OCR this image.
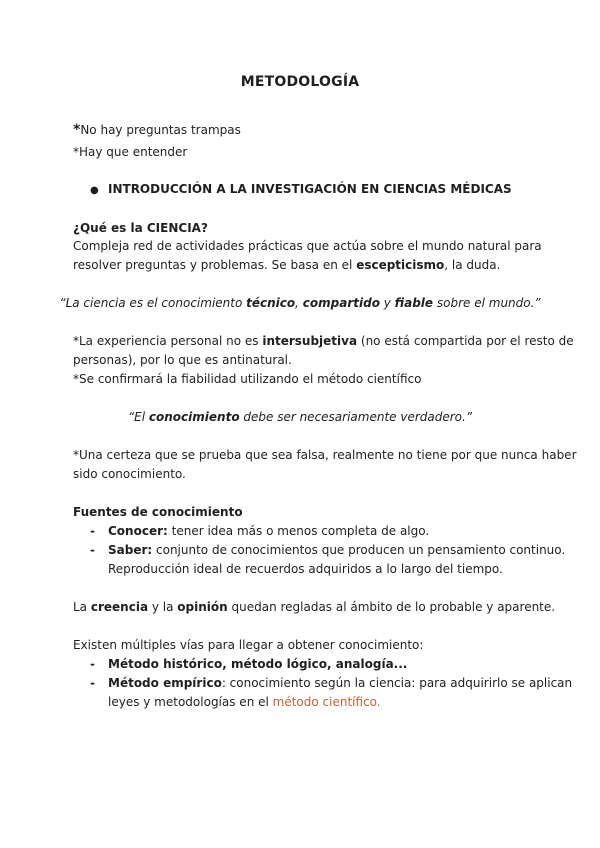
METODOLOGÍA
*No hay preguntas trampas
*Hay que entender
● INTRODUCCIÓN A LA INVESTIGACIÓN EN CIENCIAS MÉDICAS
¿Qué es la CIENCIA?
Compleja red de actividades prácticas que actúa sobre el mundo natural para
resolver preguntas y problemas. Se basa en el escepticismo, la duda.
“La ciencia es el conocimiento técnico, compartido y fiable sobre el mundo.”
*La experiencia personal no es intersubjetiva (no está compartida por el resto de
personas), por lo que es antinatural.
*Se confirmará la fiabilidad utilizando el método científico
“El conocimiento debe ser necesariamente verdadero.”
*Una certeza que se prueba que sea falsa, realmente no tiene por que nunca haber
sido conocimiento.
Fuentes de conocimiento
- Conocer: tener idea más o menos completa de algo.
- Saber: conjunto de conocimientos que producen un pensamiento continuo.
Reproducción ideal de recuerdos adquiridos a lo largo del tiempo.
La creencia y la opinión quedan regladas al ámbito de lo probable y aparente.
Existen múltiples vías para llegar a obtener conocimiento:
- Método histórico, método lógico, analogía...
- Método empírico: conocimiento según la ciencia: para adquirirlo se aplican
leyes y metodologías en el método científico.
